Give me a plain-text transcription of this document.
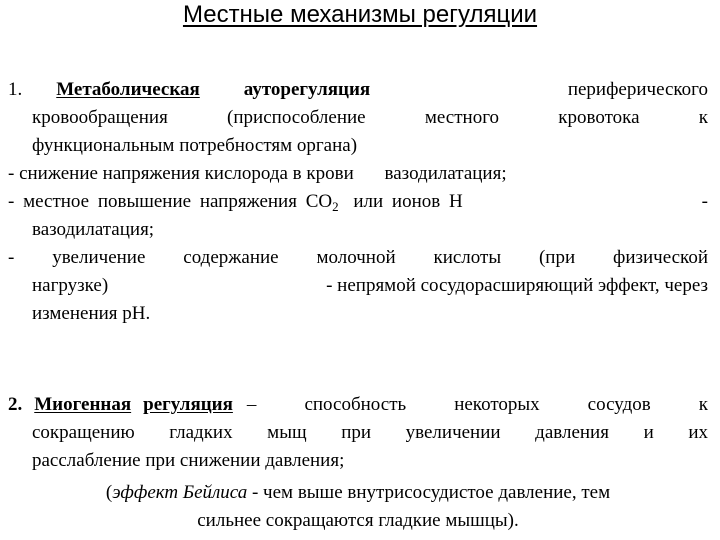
Местные механизмы регуляции
1. Метаболическая ауторегуляция	периферического
кровообращения (приспособление местного кровотока к
функциональным потребностям органа)
- снижение напряжения кислорода в крови вазодилатация;
- местное повышение напряжения $СО_2$ или ионов Н	-
вазодилатация;
- увеличение содержание молочной кислоты (при физической
нагрузке)	- непрямой сосудорасширяющий эффект, через
изменения pH.
2. Миогенная регуляция – способность некоторых сосудов к
сокращению гладких мыщ при увеличении давления и их
расслабление при снижении давления;
(эффект Бейлиса - чем выше внутрисосудистое давление, тем
сильнее сокращаются гладкие мышцы).
